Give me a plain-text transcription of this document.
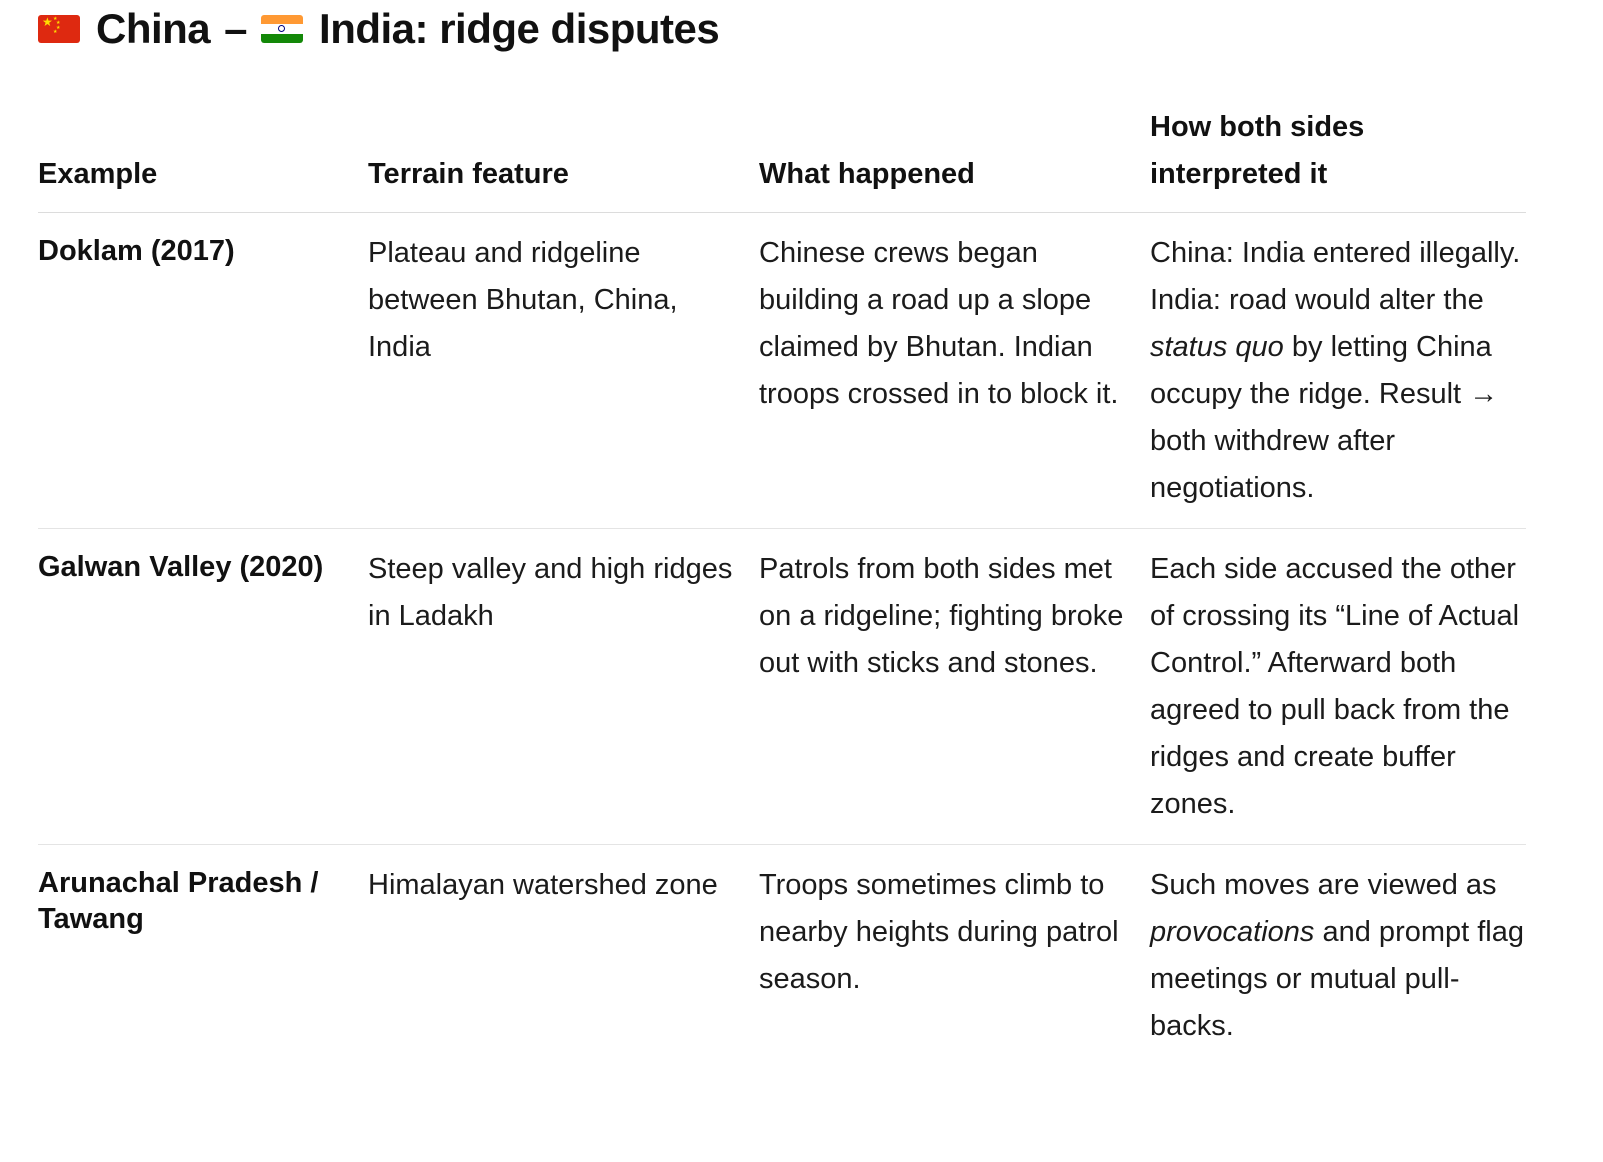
★ ★
★
★
★ China – India: ridge disputes
Example	Terrain feature	What happened	How both sides interpreted it
Doklam (2017)	Plateau and ridgeline between Bhutan, China, India	Chinese crews began building a road up a slope claimed by Bhutan. Indian troops crossed in to block it.	China: India entered illegally. India: road would alter the status quo by letting China occupy the ridge. Result → both withdrew after negotiations.
Galwan Valley (2020)	Steep valley and high ridges in Ladakh	Patrols from both sides met on a ridgeline; fighting broke out with sticks and stones.	Each side accused the other of crossing its “Line of Actual Control.” Afterward both agreed to pull back from the ridges and create buffer zones.
Arunachal Pradesh / Tawang	Himalayan watershed zone	Troops sometimes climb to nearby heights during patrol season.	Such moves are viewed as provocations and prompt flag meetings or mutual pull-backs.
